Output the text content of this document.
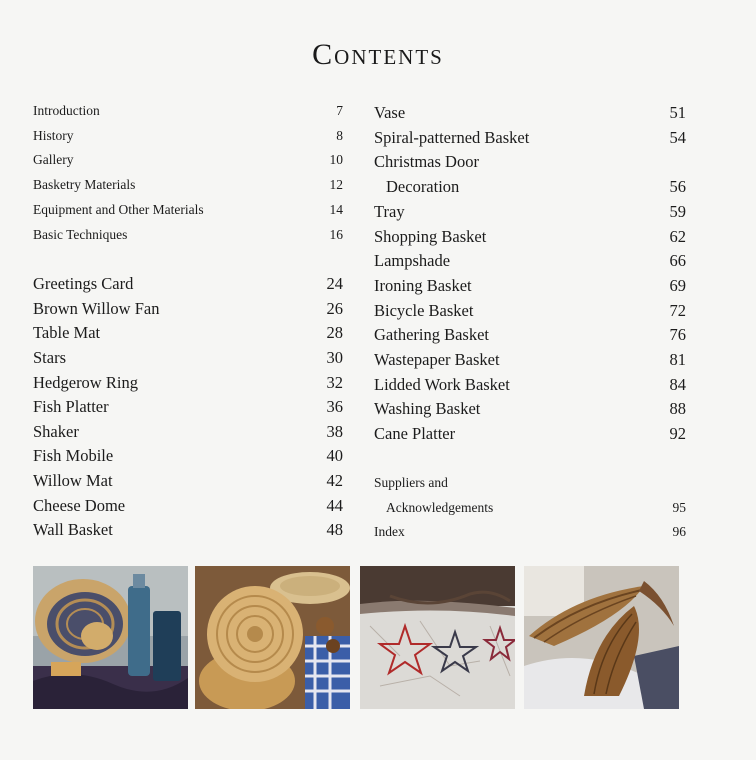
Contents
Introduction	7
History	8
Gallery	10
Basketry Materials	12
Equipment and Other Materials	14
Basic Techniques	16
Greetings Card	24
Brown Willow Fan	26
Table Mat	28
Stars	30
Hedgerow Ring	32
Fish Platter	36
Shaker	38
Fish Mobile	40
Willow Mat	42
Cheese Dome	44
Wall Basket	48
Vase	51
Spiral-patterned Basket	54
Christmas Door
Decoration	56
Tray	59
Shopping Basket	62
Lampshade	66
Ironing Basket	69
Bicycle Basket	72
Gathering Basket	76
Wastepaper Basket	81
Lidded Work Basket	84
Washing Basket	88
Cane Platter	92
Suppliers and
Acknowledgements	95
Index	96
